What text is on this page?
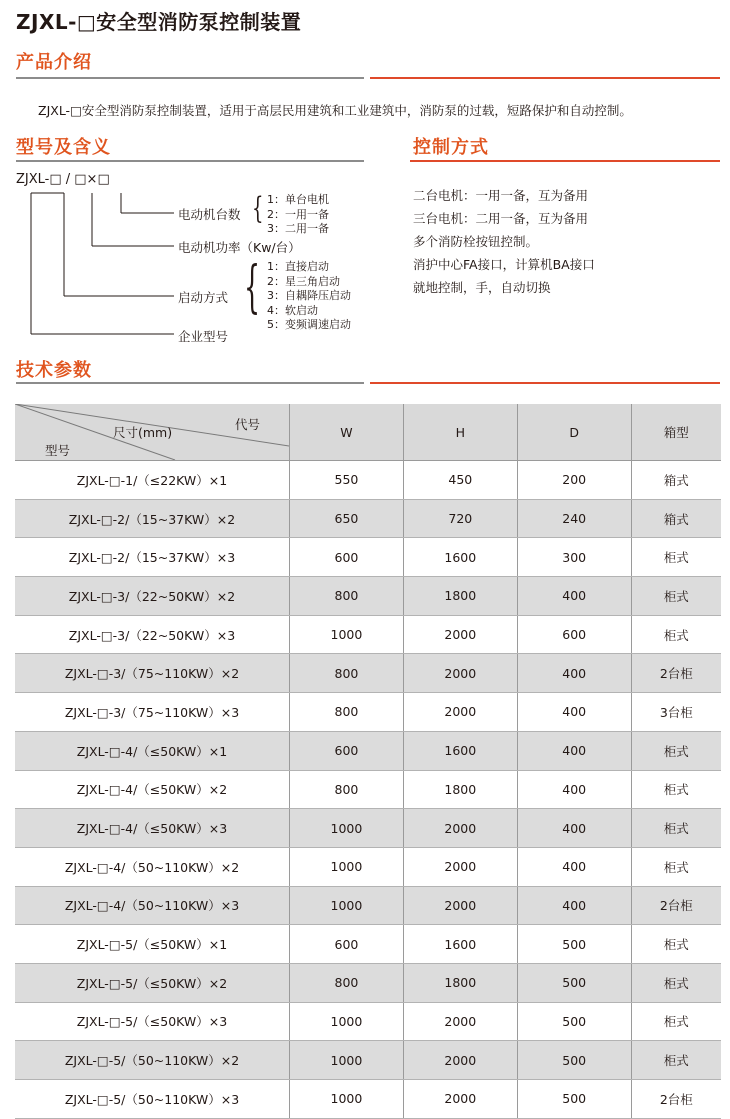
ZJXL-□安全型消防泵控制装置
产品介绍
ZJXL-□安全型消防泵控制装置，适用于高层民用建筑和工业建筑中，消防泵的过载，短路保护和自动控制。
型号及含义	控制方式
ZJXL-□ / □×□
电动机台数 { 1：单台电机
2：一用一备
3：二用一备
电动机功率（Kw/台）
启动方式 { 1：直接启动
2：星三角启动
3：自耦降压启动
4：软启动
5：变频调速启动
企业型号
二台电机：一用一备，互为备用
三台电机：二用一备，互为备用
多个消防栓按钮控制。
消护中心FA接口，计算机BA接口
就地控制，手，自动切换
技术参数
代号
尺寸(mm)
型号	W	H	D	箱型
ZJXL-□-1/（≤22KW）×1	550	450	200	箱式
ZJXL-□-2/（15~37KW）×2	650	720	240	箱式
ZJXL-□-2/（15~37KW）×3	600	1600	300	柜式
ZJXL-□-3/（22~50KW）×2	800	1800	400	柜式
ZJXL-□-3/（22~50KW）×3	1000	2000	600	柜式
ZJXL-□-3/（75~110KW）×2	800	2000	400	2台柜
ZJXL-□-3/（75~110KW）×3	800	2000	400	3台柜
ZJXL-□-4/（≤50KW）×1	600	1600	400	柜式
ZJXL-□-4/（≤50KW）×2	800	1800	400	柜式
ZJXL-□-4/（≤50KW）×3	1000	2000	400	柜式
ZJXL-□-4/（50~110KW）×2	1000	2000	400	柜式
ZJXL-□-4/（50~110KW）×3	1000	2000	400	2台柜
ZJXL-□-5/（≤50KW）×1	600	1600	500	柜式
ZJXL-□-5/（≤50KW）×2	800	1800	500	柜式
ZJXL-□-5/（≤50KW）×3	1000	2000	500	柜式
ZJXL-□-5/（50~110KW）×2	1000	2000	500	柜式
ZJXL-□-5/（50~110KW）×3	1000	2000	500	2台柜
